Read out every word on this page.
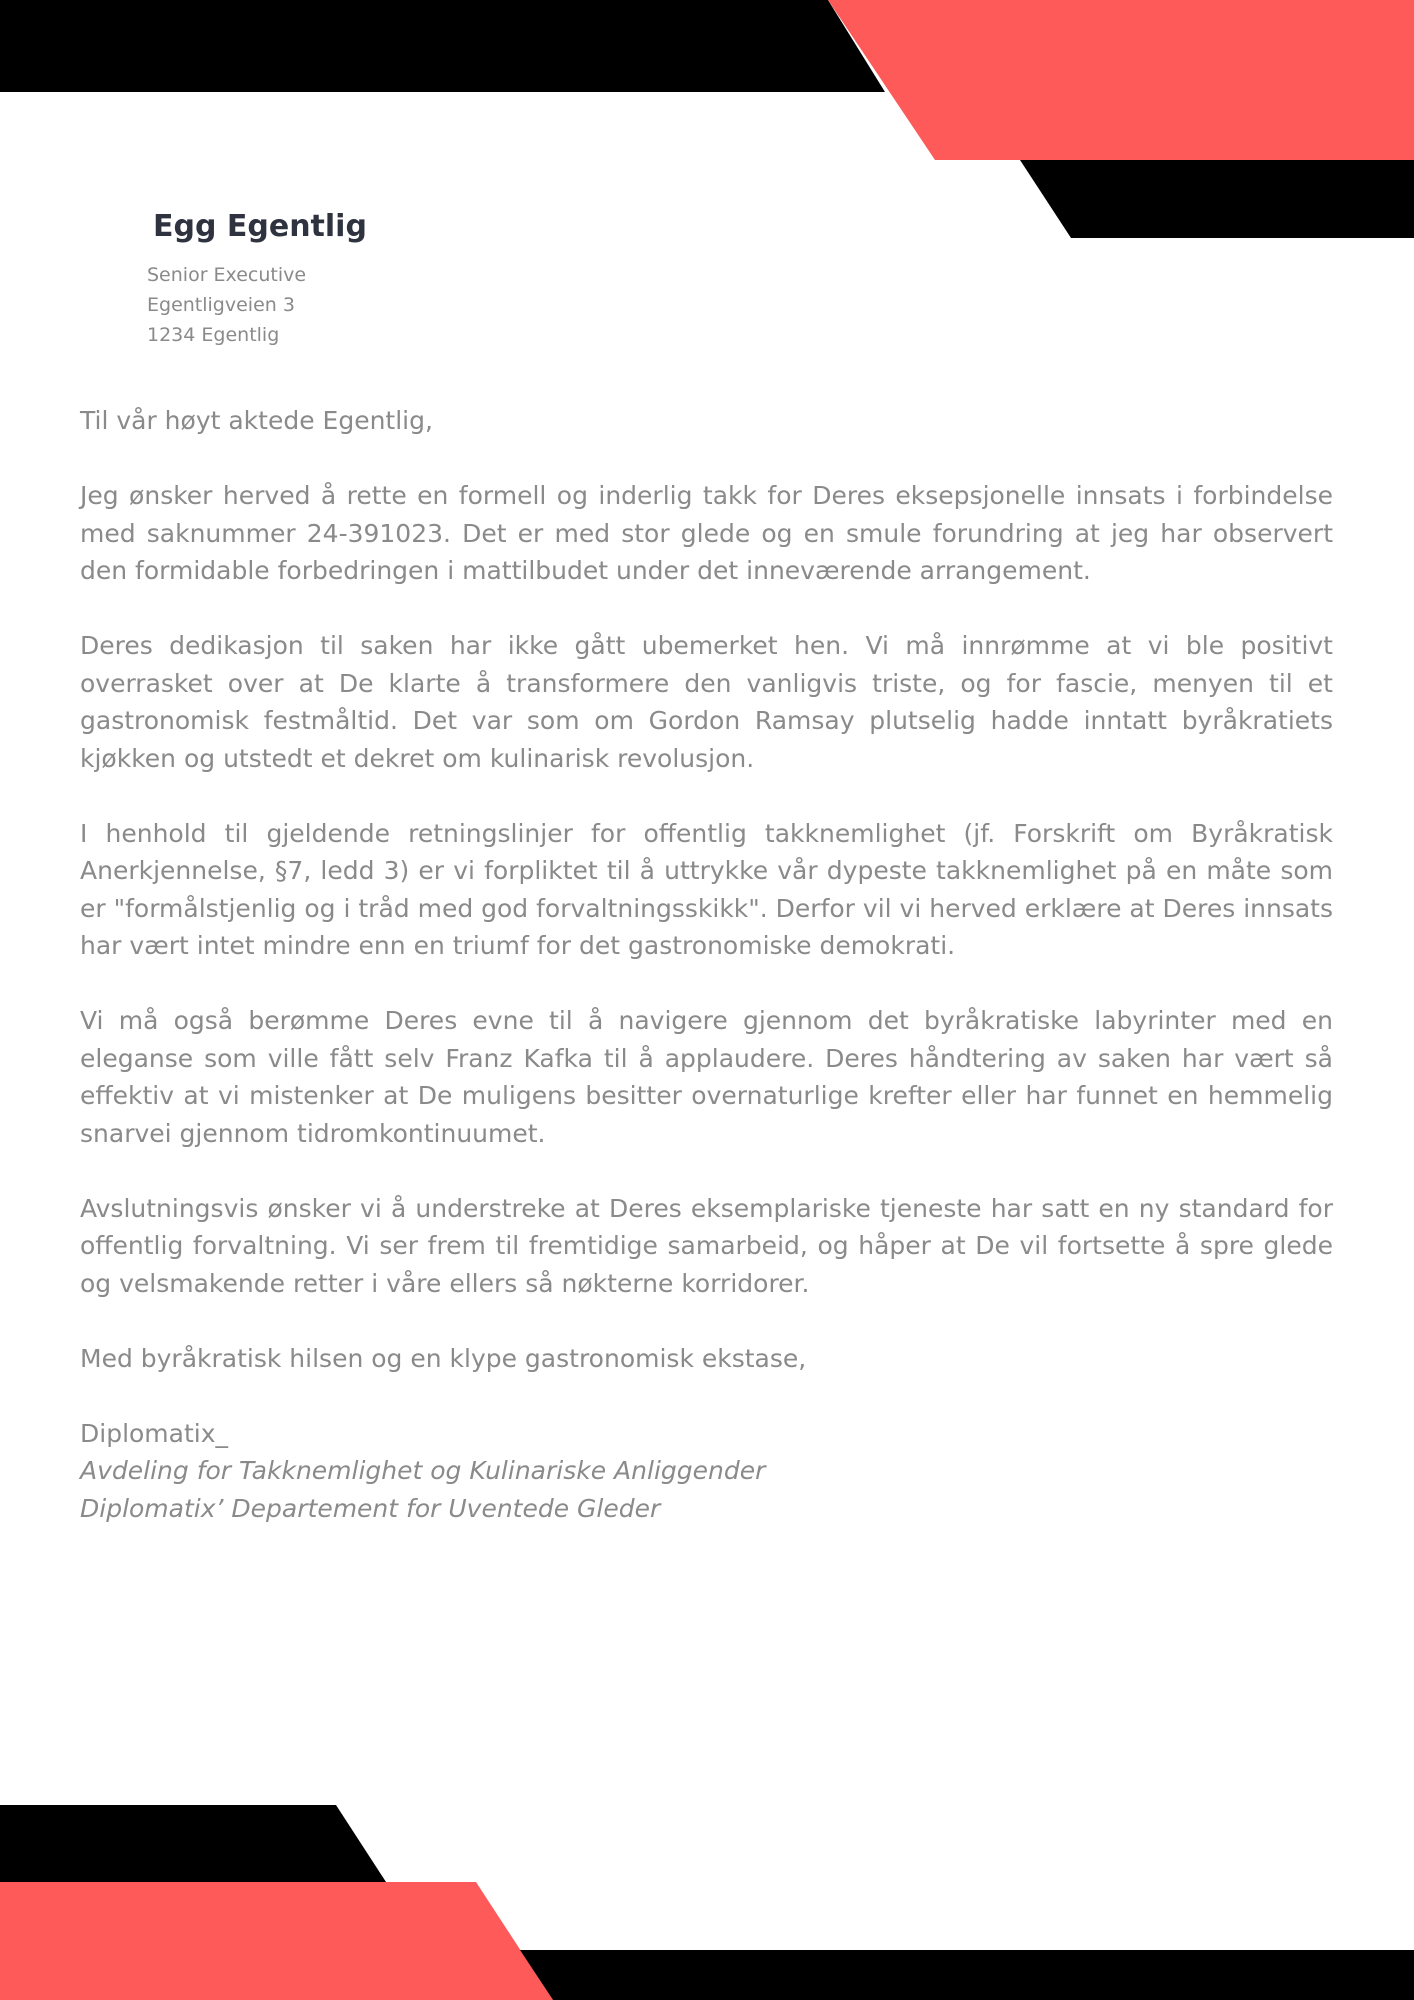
Egg Egentlig
Senior Executive
Egentligveien 3
1234 Egentlig

Til vår høyt aktede Egentlig,

Jeg ønsker herved å rette en formell og inderlig takk for Deres eksepsjonelle innsats i forbindelse med saknummer 24-391023. Det er med stor glede og en smule forundring at jeg har observert den formidable forbedringen i mattilbudet under det inneværende arrangement.

Deres dedikasjon til saken har ikke gått ubemerket hen. Vi må innrømme at vi ble positivt overrasket over at De klarte å transformere den vanligvis triste, og for fascie, menyen til et gastronomisk festmåltid. Det var som om Gordon Ramsay plutselig hadde inntatt byråkratiets kjøkken og utstedt et dekret om kulinarisk revolusjon.

I henhold til gjeldende retningslinjer for offentlig takknemlighet (jf. Forskrift om Byråkratisk Anerkjennelse, §7, ledd 3) er vi forpliktet til å uttrykke vår dypeste takknemlighet på en måte som er "formålstjenlig og i tråd med god forvaltningsskikk". Derfor vil vi herved erklære at Deres innsats har vært intet mindre enn en triumf for det gastronomiske demokrati.

Vi må også berømme Deres evne til å navigere gjennom det byråkratiske labyrinter med en eleganse som ville fått selv Franz Kafka til å applaudere. Deres håndtering av saken har vært så effektiv at vi mistenker at De muligens besitter overnaturlige krefter eller har funnet en hemmelig snarvei gjennom tidromkontinuumet.

Avslutningsvis ønsker vi å understreke at Deres eksemplariske tjeneste har satt en ny standard for offentlig forvaltning. Vi ser frem til fremtidige samarbeid, og håper at De vil fortsette å spre glede og velsmakende retter i våre ellers så nøkterne korridorer.

Med byråkratisk hilsen og en klype gastronomisk ekstase,

Diplomatix_
Avdeling for Takknemlighet og Kulinariske Anliggender
Diplomatix’ Departement for Uventede Gleder
